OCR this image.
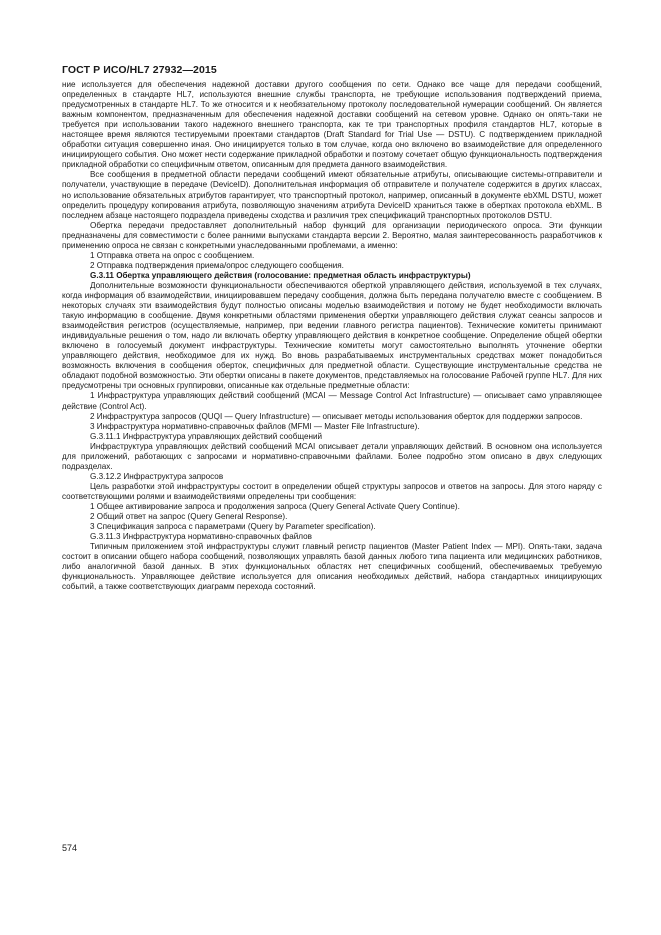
ГОСТ Р ИСО/HL7 27932—2015

ние используется для обеспечения надежной доставки другого сообщения по сети. Однако все чаще для передачи сообщений, определенных в стандарте HL7, используются внешние службы транспорта, не требующие использования подтверждений приема, предусмотренных в стандарте HL7. То же относится и к необязательному протоколу последовательной нумерации сообщений. Он является важным компонентом, предназначенным для обеспечения надежной доставки сообщений на сетевом уровне. Однако он опять-таки не требуется при использовании такого надежного внешнего транспорта, как те три транспортных профиля стандартов HL7, которые в настоящее время являются тестируемыми проектами стандартов (Draft Standard for Trial Use — DSTU). С подтверждением прикладной обработки ситуация совершенно иная. Оно инициируется только в том случае, когда оно включено во взаимодействие для определенного инициирующего события. Оно может нести содержание прикладной обработки и поэтому сочетает общую функциональность подтверждения прикладной обработки со специфичным ответом, описанным для предмета данного взаимодействия.

Все сообщения в предметной области передачи сообщений имеют обязательные атрибуты, описывающие системы-отправители и получатели, участвующие в передаче (DeviceID). Дополнительная информация об отправителе и получателе содержится в других классах, но использование обязательных атрибутов гарантирует, что транспортный протокол, например, описанный в документе ebXML DSTU, может определить процедуру копирования атрибута, позволяющую значениям атрибута DeviceID храниться также в обертках протокола ebXML. В последнем абзаце настоящего подраздела приведены сходства и различия трех спецификаций транспортных протоколов DSTU.

Обертка передачи предоставляет дополнительный набор функций для организации периодического опроса. Эти функции предназначены для совместимости с более ранними выпусками стандарта версии 2. Вероятно, малая заинтересованность разработчиков к применению опроса не связан с конкретными унаследованными проблемами, а именно:

1 Отправка ответа на опрос с сообщением.

2 Отправка подтверждения приема/опрос следующего сообщения.

G.3.11 Обертка управляющего действия (голосование: предметная область инфраструктуры)

Дополнительные возможности функциональности обеспечиваются оберткой управляющего действия, используемой в тех случаях, когда информация об взаимодействии, инициировавшем передачу сообщения, должна быть передана получателю вместе с сообщением. В некоторых случаях эти взаимодействия будут полностью описаны моделью взаимодействия и потому не будет необходимости включать такую информацию в сообщение. Двумя конкретными областями применения обертки управляющего действия служат сеансы запросов и взаимодействия регистров (осуществляемые, например, при ведении главного регистра пациентов). Технические комитеты принимают индивидуальные решения о том, надо ли включать обертку управляющего действия в конкретное сообщение. Определение общей обертки включено в голосуемый документ инфраструктуры. Технические комитеты могут самостоятельно выполнять уточнение обертки управляющего действия, необходимое для их нужд. Во вновь разрабатываемых инструментальных средствах может понадобиться возможность включения в сообщения оберток, специфичных для предметной области. Существующие инструментальные средства не обладают подобной возможностью. Эти обертки описаны в пакете документов, представляемых на голосование Рабочей группе HL7. Для них предусмотрены три основных группировки, описанные как отдельные предметные области:

1 Инфраструктура управляющих действий сообщений (MCAI — Message Control Act Infrastructure) — описывает само управляющее действие (Control Act).

2 Инфраструктура запросов (QUQI — Query Infrastructure) — описывает методы использования оберток для поддержки запросов.

3 Инфраструктура нормативно-справочных файлов (MFMI — Master File Infrastructure).

G.3.11.1 Инфраструктура управляющих действий сообщений

Инфраструктура управляющих действий сообщений MCAI описывает детали управляющих действий. В основном она используется для приложений, работающих с запросами и нормативно-справочными файлами. Более подробно этом описано в двух следующих подразделах.

G.3.12.2 Инфраструктура запросов

Цель разработки этой инфраструктуры состоит в определении общей структуры запросов и ответов на запросы. Для этого наряду с соответствующими ролями и взаимодействиями определены три сообщения:

1 Общее активирование запроса и продолжения запроса (Query General Activate Query Continue).

2 Общий ответ на запрос (Query General Response).

3 Спецификация запроса с параметрами (Query by Parameter specification).

G.3.11.3 Инфраструктура нормативно-справочных файлов

Типичным приложением этой инфраструктуры служит главный регистр пациентов (Master Patient Index — MPI). Опять-таки, задача состоит в описании общего набора сообщений, позволяющих управлять базой данных любого типа пациента или медицинских работников, либо аналогичной базой данных. В этих функциональных областях нет специфичных сообщений, обеспечиваемых требуемую функциональность. Управляющее действие используется для описания необходимых действий, набора стандартных инициирующих событий, а также соответствующих диаграмм перехода состояний.

574
